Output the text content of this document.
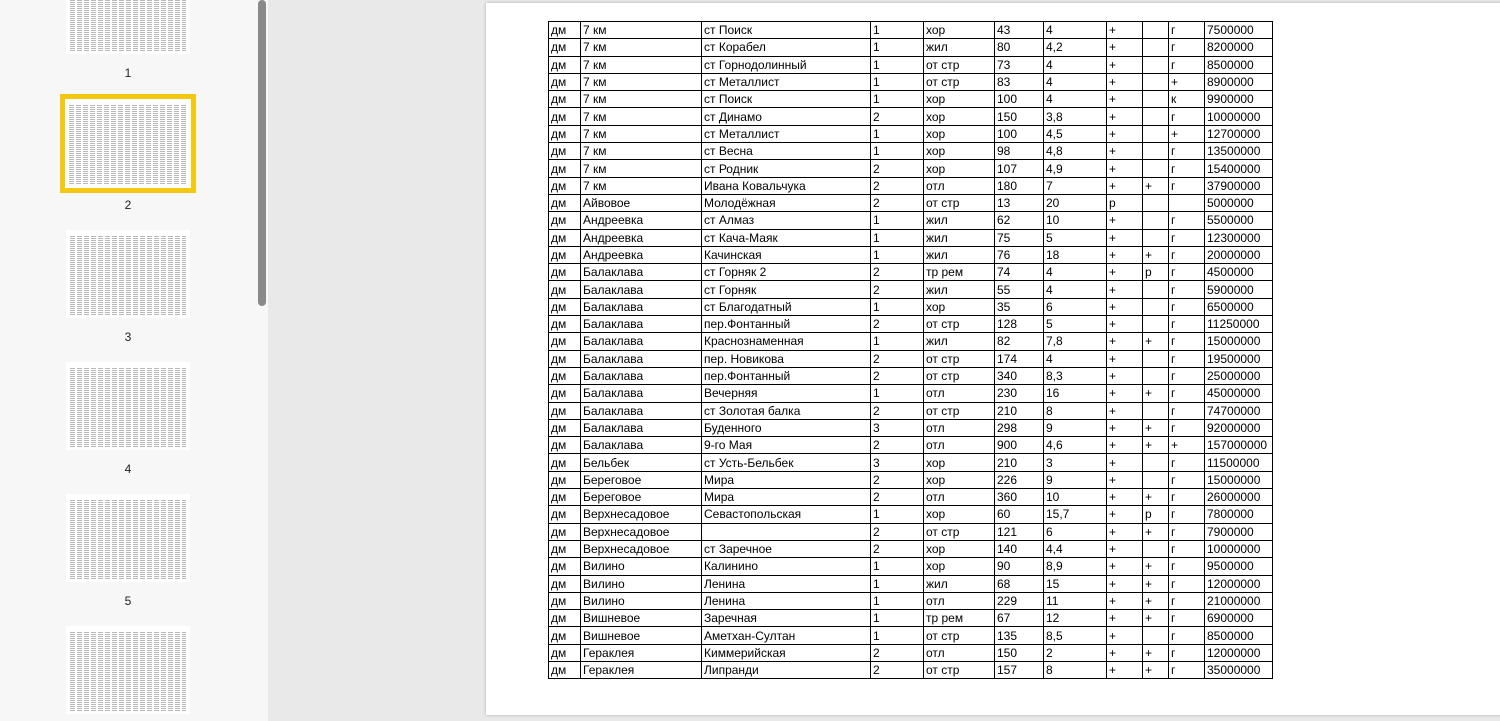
1
2
3
4
5
дм	7 км	ст Поиск	1	хор	43	4	+		г	7500000
дм	7 км	ст Корабел	1	жил	80	4,2	+		г	8200000
дм	7 км	ст Горнодолинный	1	от стр	73	4	+		г	8500000
дм	7 км	ст Металлист	1	от стр	83	4	+		+	8900000
дм	7 км	ст Поиск	1	хор	100	4	+		к	9900000
дм	7 км	ст Динамо	2	хор	150	3,8	+		г	10000000
дм	7 км	ст Металлист	1	хор	100	4,5	+		+	12700000
дм	7 км	ст Весна	1	хор	98	4,8	+		г	13500000
дм	7 км	ст Родник	2	хор	107	4,9	+		г	15400000
дм	7 км	Ивана Ковальчука	2	отл	180	7	+	+	г	37900000
дм	Айвовое	Молодёжная	2	от стр	13	20	р			5000000
дм	Андреевка	ст Алмаз	1	жил	62	10	+		г	5500000
дм	Андреевка	ст Кача-Маяк	1	жил	75	5	+		г	12300000
дм	Андреевка	Качинская	1	жил	76	18	+	+	г	20000000
дм	Балаклава	ст Горняк 2	2	тр рем	74	4	+	р	г	4500000
дм	Балаклава	ст Горняк	2	жил	55	4	+		г	5900000
дм	Балаклава	ст Благодатный	1	хор	35	6	+		г	6500000
дм	Балаклава	пер.Фонтанный	2	от стр	128	5	+		г	11250000
дм	Балаклава	Краснознаменная	1	жил	82	7,8	+	+	г	15000000
дм	Балаклава	пер. Новикова	2	от стр	174	4	+		г	19500000
дм	Балаклава	пер.Фонтанный	2	от стр	340	8,3	+		г	25000000
дм	Балаклава	Вечерняя	1	отл	230	16	+	+	г	45000000
дм	Балаклава	ст Золотая балка	2	от стр	210	8	+		г	74700000
дм	Балаклава	Буденного	3	отл	298	9	+	+	г	92000000
дм	Балаклава	9-го Мая	2	отл	900	4,6	+	+	+	157000000
дм	Бельбек	ст Усть-Бельбек	3	хор	210	3	+		г	11500000
дм	Береговое	Мира	2	хор	226	9	+		г	15000000
дм	Береговое	Мира	2	отл	360	10	+	+	г	26000000
дм	Верхнесадовое	Севастопольская	1	хор	60	15,7	+	р	г	7800000
дм	Верхнесадовое		2	от стр	121	6	+	+	г	7900000
дм	Верхнесадовое	ст Заречное	2	хор	140	4,4	+		г	10000000
дм	Вилино	Калинино	1	хор	90	8,9	+	+	г	9500000
дм	Вилино	Ленина	1	жил	68	15	+	+	г	12000000
дм	Вилино	Ленина	1	отл	229	11	+	+	г	21000000
дм	Вишневое	Заречная	1	тр рем	67	12	+	+	г	6900000
дм	Вишневое	Аметхан-Султан	1	от стр	135	8,5	+		г	8500000
дм	Гераклея	Киммерийская	2	отл	150	2	+	+	г	12000000
дм	Гераклея	Липранди	2	от стр	157	8	+	+	г	35000000
